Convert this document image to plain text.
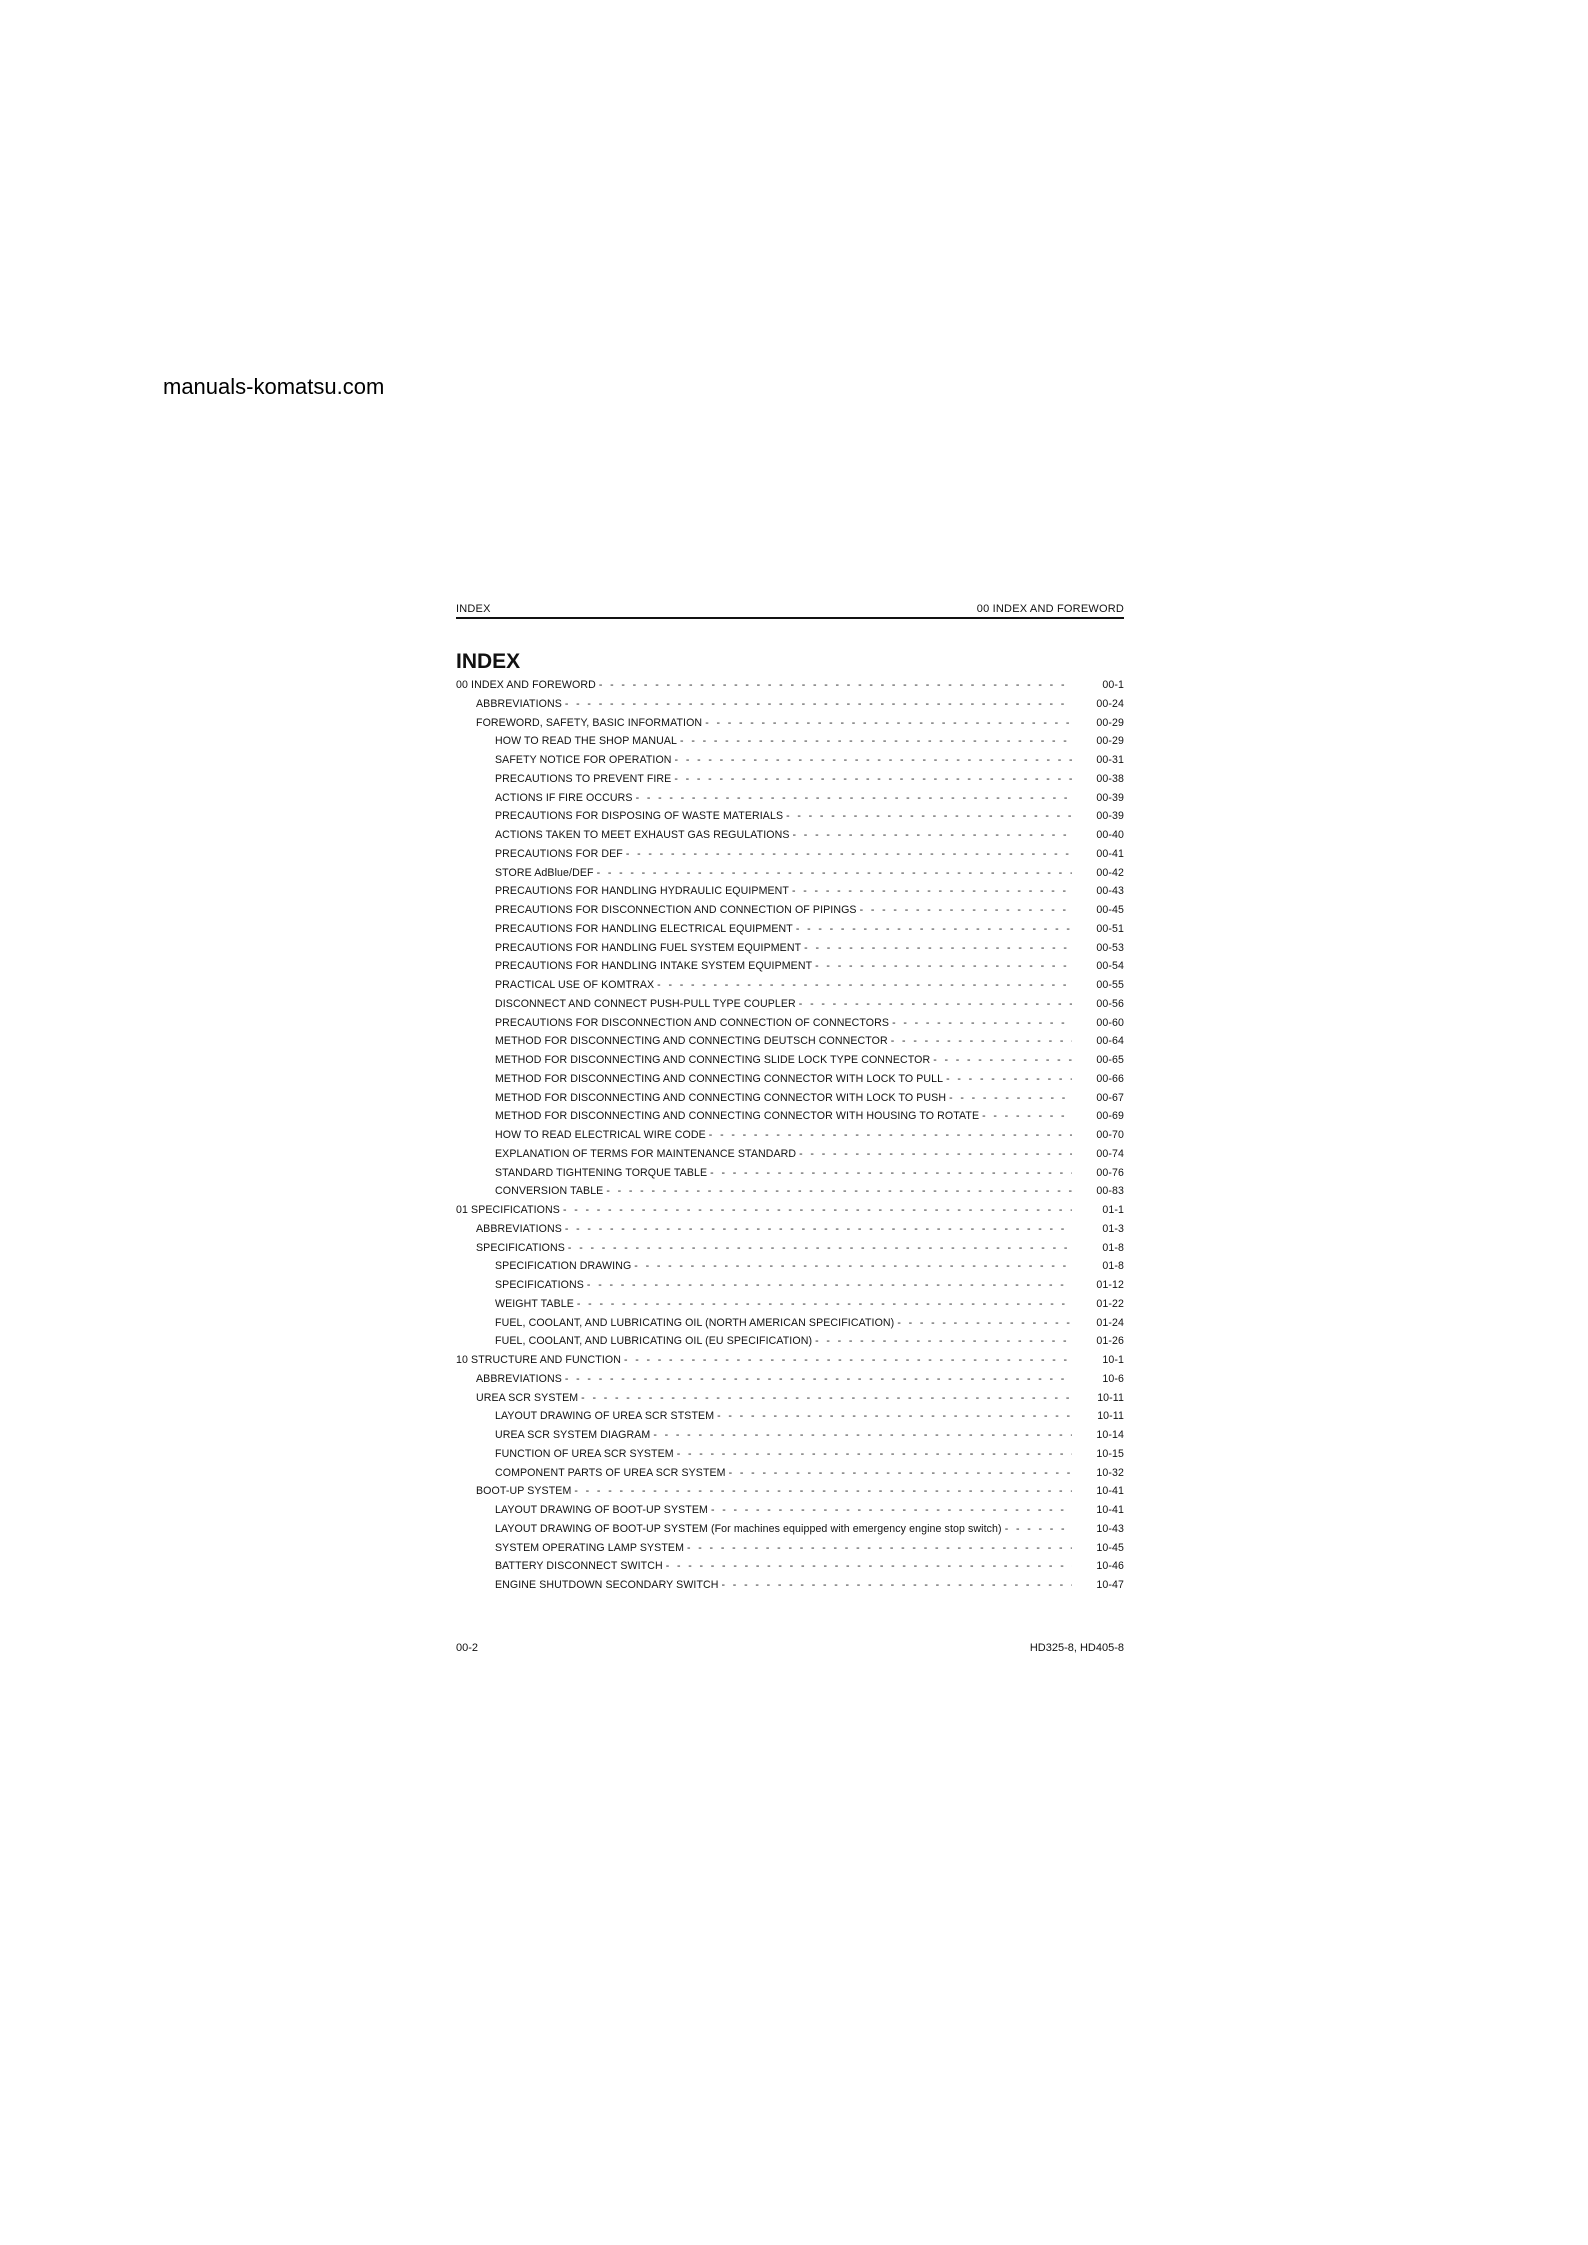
manuals-komatsu.com
INDEX	00 INDEX AND FOREWORD
INDEX
00 INDEX AND FOREWORD - - -	00-1
ABBREVIATIONS - - -	00-24
FOREWORD, SAFETY, BASIC INFORMATION - - -	00-29
HOW TO READ THE SHOP MANUAL - - -	00-29
SAFETY NOTICE FOR OPERATION - - -	00-31
PRECAUTIONS TO PREVENT FIRE - - -	00-38
ACTIONS IF FIRE OCCURS - - -	00-39
PRECAUTIONS FOR DISPOSING OF WASTE MATERIALS - - -	00-39
ACTIONS TAKEN TO MEET EXHAUST GAS REGULATIONS - - -	00-40
PRECAUTIONS FOR DEF - - -	00-41
STORE AdBlue/DEF - - -	00-42
PRECAUTIONS FOR HANDLING HYDRAULIC EQUIPMENT - - -	00-43
PRECAUTIONS FOR DISCONNECTION AND CONNECTION OF PIPINGS - - -	00-45
PRECAUTIONS FOR HANDLING ELECTRICAL EQUIPMENT - - -	00-51
PRECAUTIONS FOR HANDLING FUEL SYSTEM EQUIPMENT - - -	00-53
PRECAUTIONS FOR HANDLING INTAKE SYSTEM EQUIPMENT - - -	00-54
PRACTICAL USE OF KOMTRAX - - -	00-55
DISCONNECT AND CONNECT PUSH-PULL TYPE COUPLER - - -	00-56
PRECAUTIONS FOR DISCONNECTION AND CONNECTION OF CONNECTORS - - -	00-60
METHOD FOR DISCONNECTING AND CONNECTING DEUTSCH CONNECTOR - - -	00-64
METHOD FOR DISCONNECTING AND CONNECTING SLIDE LOCK TYPE CONNECTOR - - -	00-65
METHOD FOR DISCONNECTING AND CONNECTING CONNECTOR WITH LOCK TO PULL - - -	00-66
METHOD FOR DISCONNECTING AND CONNECTING CONNECTOR WITH LOCK TO PUSH - - -	00-67
METHOD FOR DISCONNECTING AND CONNECTING CONNECTOR WITH HOUSING TO ROTATE - - -	00-69
HOW TO READ ELECTRICAL WIRE CODE - - -	00-70
EXPLANATION OF TERMS FOR MAINTENANCE STANDARD - - -	00-74
STANDARD TIGHTENING TORQUE TABLE - - -	00-76
CONVERSION TABLE - - -	00-83
01 SPECIFICATIONS - - -	01-1
ABBREVIATIONS - - -	01-3
SPECIFICATIONS - - -	01-8
SPECIFICATION DRAWING - - -	01-8
SPECIFICATIONS - - -	01-12
WEIGHT TABLE - - -	01-22
FUEL, COOLANT, AND LUBRICATING OIL (NORTH AMERICAN SPECIFICATION) - - -	01-24
FUEL, COOLANT, AND LUBRICATING OIL (EU SPECIFICATION) - - -	01-26
10 STRUCTURE AND FUNCTION - - -	10-1
ABBREVIATIONS - - -	10-6
UREA SCR SYSTEM - - -	10-11
LAYOUT DRAWING OF UREA SCR STSTEM - - -	10-11
UREA SCR SYSTEM DIAGRAM - - -	10-14
FUNCTION OF UREA SCR SYSTEM - - -	10-15
COMPONENT PARTS OF UREA SCR SYSTEM - - -	10-32
BOOT-UP SYSTEM - - -	10-41
LAYOUT DRAWING OF BOOT-UP SYSTEM - - -	10-41
LAYOUT DRAWING OF BOOT-UP SYSTEM (For machines equipped with emergency engine stop switch) - - -	10-43
SYSTEM OPERATING LAMP SYSTEM - - -	10-45
BATTERY DISCONNECT SWITCH - - -	10-46
ENGINE SHUTDOWN SECONDARY SWITCH - - -	10-47
00-2	HD325-8, HD405-8
